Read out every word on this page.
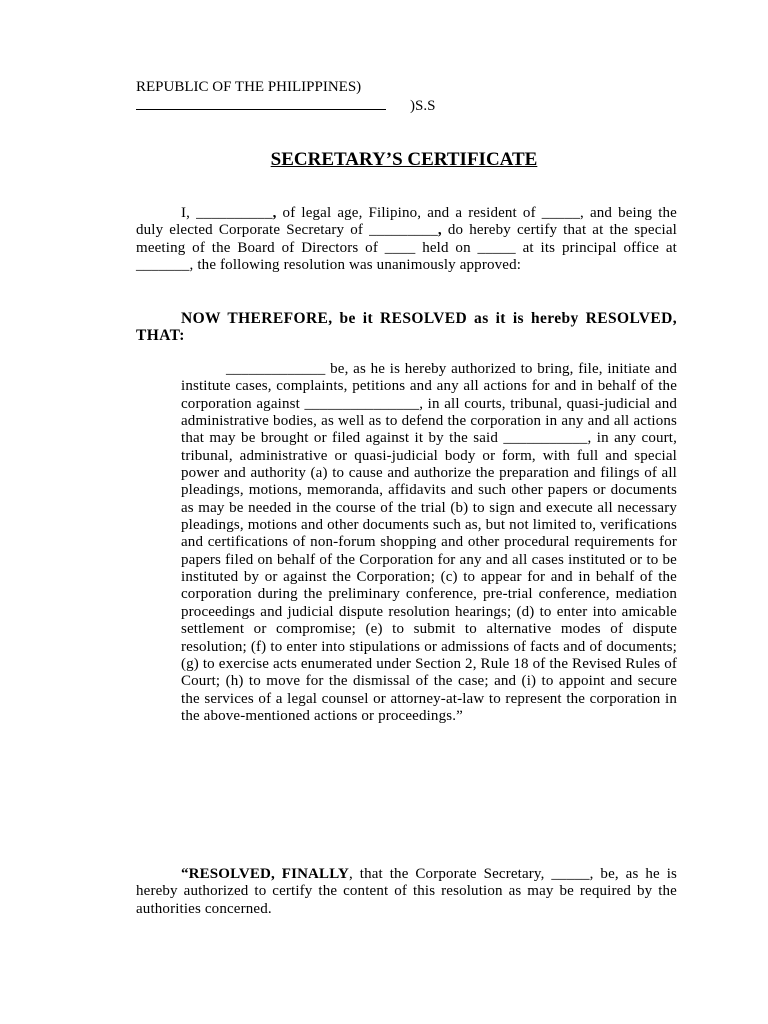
REPUBLIC OF THE PHILIPPINES)
)S.S
SECRETARY’S CERTIFICATE
I, __________, of legal age, Filipino, and a resident of _____, and being the duly elected Corporate Secretary of _________, do hereby certify that at the special meeting of the Board of Directors of ____ held on _____ at its principal office at _______, the following resolution was unanimously approved:
NOW THEREFORE, be it RESOLVED as it is hereby RESOLVED, THAT:
_____________ be, as he is hereby authorized to bring, file, initiate and institute cases, complaints, petitions and any all actions for and in behalf of the corporation against _______________, in all courts, tribunal, quasi-judicial and administrative bodies, as well as to defend the corporation in any and all actions that may be brought or filed against it by the said ___________, in any court, tribunal, administrative or quasi-judicial body or form, with full and special power and authority (a) to cause and authorize the preparation and filings of all pleadings, motions, memoranda, affidavits and such other papers or documents as may be needed in the course of the trial (b) to sign and execute all necessary pleadings, motions and other documents such as, but not limited to, verifications and certifications of non-forum shopping and other procedural requirements for papers filed on behalf of the Corporation for any and all cases instituted or to be instituted by or against the Corporation; (c) to appear for and in behalf of the corporation during the preliminary conference, pre-trial conference, mediation proceedings and judicial dispute resolution hearings; (d) to enter into amicable settlement or compromise; (e) to submit to alternative modes of dispute resolution; (f) to enter into stipulations or admissions of facts and of documents; (g) to exercise acts enumerated under Section 2, Rule 18 of the Revised Rules of Court; (h) to move for the dismissal of the case; and (i) to appoint and secure the services of a legal counsel or attorney-at-law to represent the corporation in the above-mentioned actions or proceedings.”
“RESOLVED, FINALLY, that the Corporate Secretary, _____, be, as he is hereby authorized to certify the content of this resolution as may be required by the authorities concerned.
